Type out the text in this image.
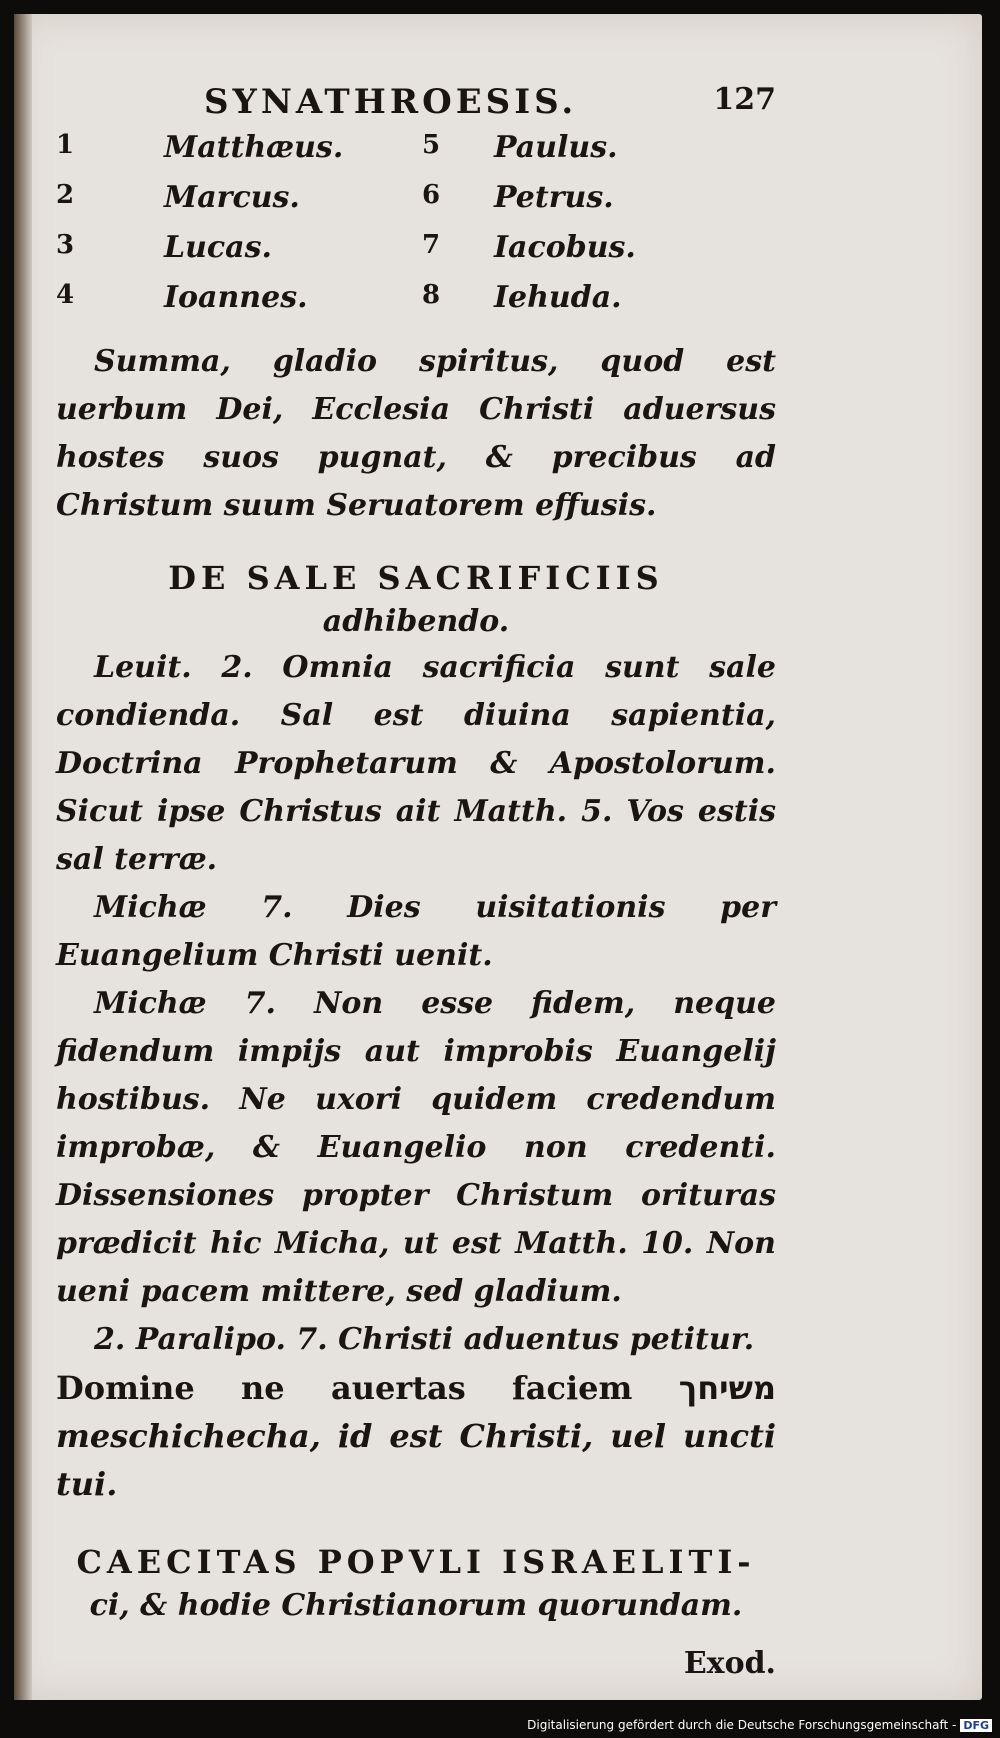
SYNATHROESIS.	127
1	Matthæus.	5 Paulus.
2	Marcus.	6 Petrus.
3	Lucas.	7 Iacobus.
4	Ioannes.	8 Iehuda.
Summa, gladio spiritus, quod est uerbum Dei, Ecclesia Christi aduersus hostes suos pugnat, & precibus ad Christum suum Seruatorem effusis.
DE SALE SACRIFICIIS
adhibendo.
Leuit. 2. Omnia sacrificia sunt sale condienda. Sal est diuina sapientia, Doctrina Prophetarum & Apostolorum. Sicut ipse Christus ait Matth. 5. Vos estis sal terræ.
Michæ 7. Dies uisitationis per Euangelium Christi uenit.
Michæ 7. Non esse fidem, neque fidendum impijs aut improbis Euangelij hostibus. Ne uxori quidem credendum improbæ, & Euangelio non credenti. Dissensiones propter Christum orituras prædicit hic Micha, ut est Matth. 10. Non ueni pacem mittere, sed gladium.
2. Paralipo. 7. Christi aduentus petitur.
Domine ne auertas faciem משיחך meschichecha, id est Christi, uel uncti tui.
CAECITAS POPVLI ISRAELITI-
ci, & hodie Christianorum quorundam.
Exod.
Digitalisierung gefördert durch die Deutsche Forschungsgemeinschaft - DFG
